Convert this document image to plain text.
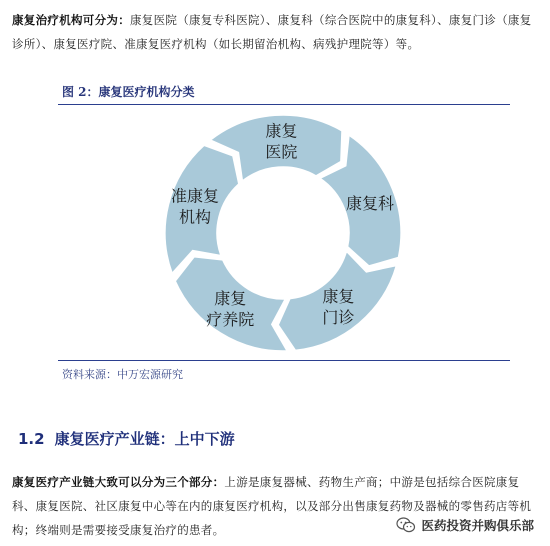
康复治疗机构可分为：康复医院（康复专科医院）、康复科（综合医院中的康复科）、康复门诊（康复诊所）、康复医疗院、准康复医疗机构（如长期留治机构、病残护理院等）等。
图 2：康复医疗机构分类
康复
医院
康复科
康复
门诊
康复
疗养院
准康复
机构
资料来源：中万宏源研究
1.2 康复医疗产业链：上中下游
康复医疗产业链大致可以分为三个部分：上游是康复器械、药物生产商；中游是包括综合医院康复科、康复医院、社区康复中心等在内的康复医疗机构，以及部分出售康复药物及器械的零售药店等机构；终端则是需要接受康复治疗的患者。	医药投资并购俱乐部
